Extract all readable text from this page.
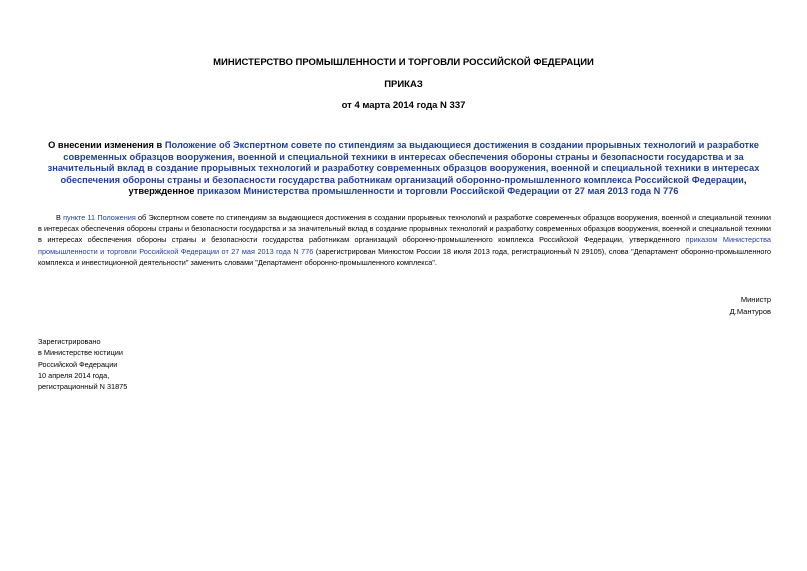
МИНИСТЕРСТВО ПРОМЫШЛЕННОСТИ И ТОРГОВЛИ РОССИЙСКОЙ ФЕДЕРАЦИИ
ПРИКАЗ
от 4 марта 2014 года N 337
О внесении изменения в Положение об Экспертном совете по стипендиям за выдающиеся достижения в создании прорывных технологий и разработке современных образцов вооружения, военной и специальной техники в интересах обеспечения обороны страны и безопасности государства и за значительный вклад в создание прорывных технологий и разработку современных образцов вооружения, военной и специальной техники в интересах обеспечения обороны страны и безопасности государства работникам организаций оборонно-промышленного комплекса Российской Федерации, утвержденное приказом Министерства промышленности и торговли Российской Федерации от 27 мая 2013 года N 776
В пункте 11 Положения об Экспертном совете по стипендиям за выдающиеся достижения в создании прорывных технологий и разработке современных образцов вооружения, военной и специальной техники в интересах обеспечения обороны страны и безопасности государства и за значительный вклад в создание прорывных технологий и разработку современных образцов вооружения, военной и специальной техники в интересах обеспечения обороны страны и безопасности государства работникам организаций оборонно-промышленного комплекса Российской Федерации, утвержденного приказом Министерства промышленности и торговли Российской Федерации от 27 мая 2013 года N 776 (зарегистрирован Минюстом России 18 июля 2013 года, регистрационный N 29105), слова "Департамент оборонно-промышленного комплекса и инвестиционной деятельности" заменить словами "Департамент оборонно-промышленного комплекса".
Министр
Д.Мантуров
Зарегистрировано
в Министерстве юстиции
Российской Федерации
10 апреля 2014 года,
регистрационный N 31875
